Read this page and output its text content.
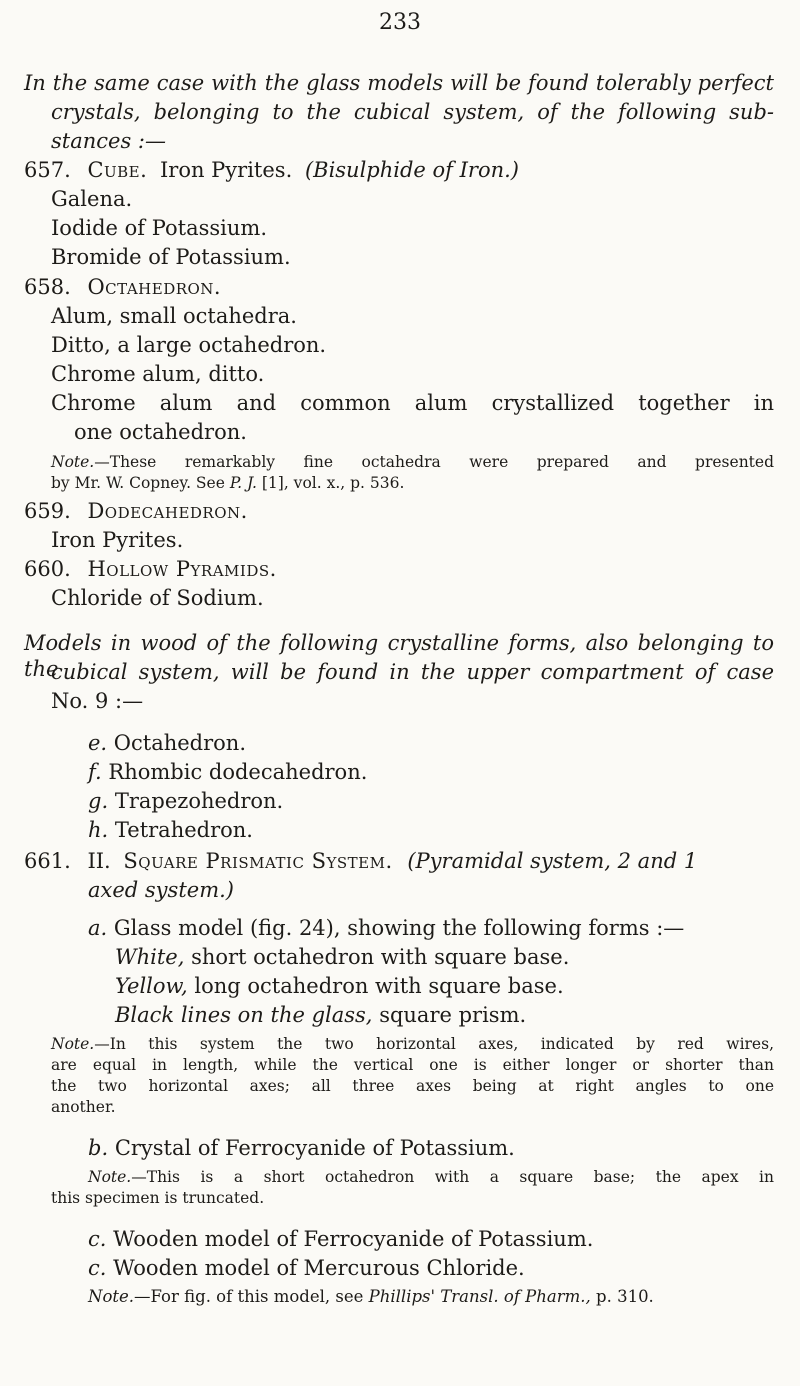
233
In the same case with the glass models will be found tolerably perfect
crystals, belonging to the cubical system, of the following sub-
stances :—
657. Cube. Iron Pyrites. (Bisulphide of Iron.)
Galena.
Iodide of Potassium.
Bromide of Potassium.
658. Octahedron.
Alum, small octahedra.
Ditto, a large octahedron.
Chrome alum, ditto.
Chrome alum and common alum crystallized together in
one octahedron.
Note.—These remarkably fine octahedra were prepared and presented
by Mr. W. Copney. See P. J. [1], vol. x., p. 536.
659. Dodecahedron.
Iron Pyrites.
660. Hollow Pyramids.
Chloride of Sodium.
Models in wood of the following crystalline forms, also belonging to the
cubical system, will be found in the upper compartment of case
No. 9 :—
e. Octahedron.
f. Rhombic dodecahedron.
g. Trapezohedron.
h. Tetrahedron.
661. II. Square Prismatic System. (Pyramidal system, 2 and 1
axed system.)
a. Glass model (fig. 24), showing the following forms :—
White, short octahedron with square base.
Yellow, long octahedron with square base.
Black lines on the glass, square prism.
Note.—In this system the two horizontal axes, indicated by red wires,
are equal in length, while the vertical one is either longer or shorter than
the two horizontal axes; all three axes being at right angles to one
another.
b. Crystal of Ferrocyanide of Potassium.
Note.—This is a short octahedron with a square base; the apex in
this specimen is truncated.
c. Wooden model of Ferrocyanide of Potassium.
c. Wooden model of Mercurous Chloride.
Note.—For fig. of this model, see Phillips' Transl. of Pharm., p. 310.
